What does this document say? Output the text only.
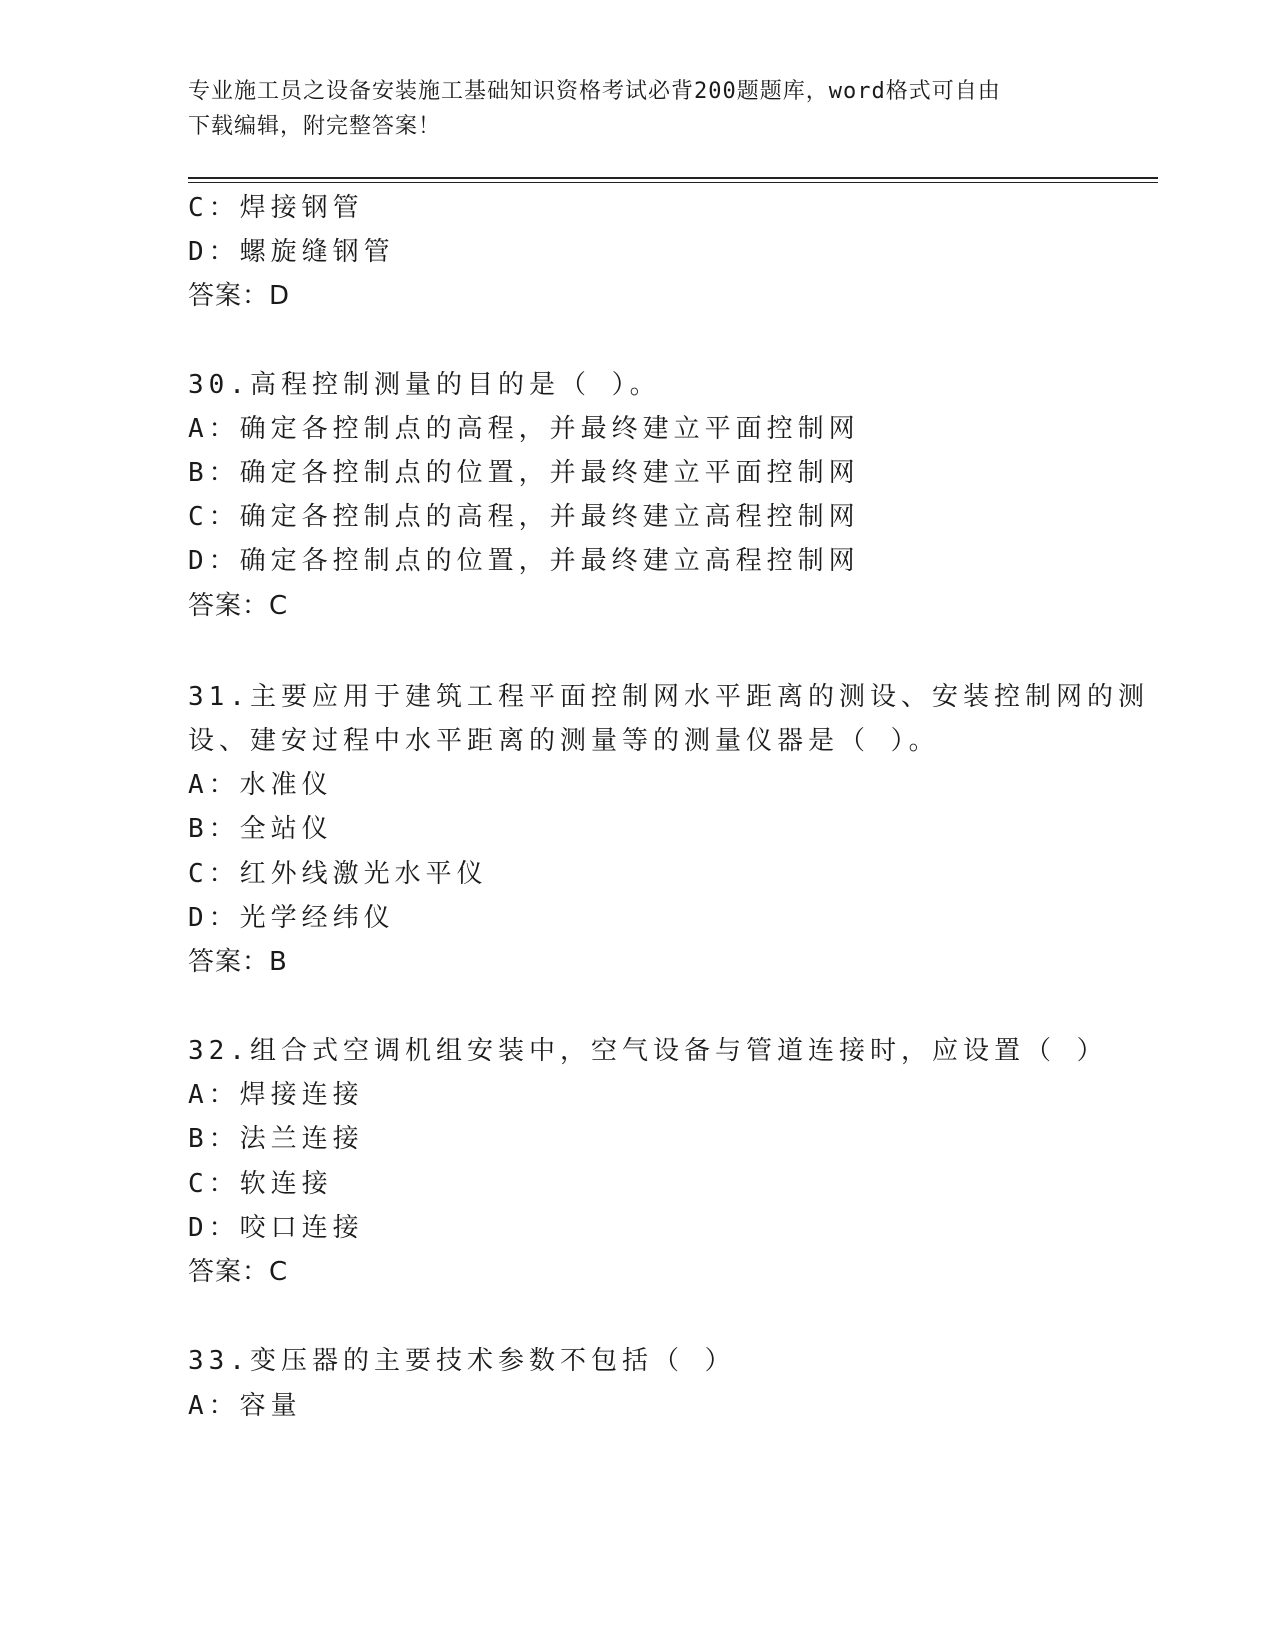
专业施工员之设备安装施工基础知识资格考试必背200题题库，word格式可自由
下载编辑，附完整答案！
C：焊接钢管
D：螺旋缝钢管
答案：D
30.高程控制测量的目的是（ ）。
A：确定各控制点的高程，并最终建立平面控制网
B：确定各控制点的位置，并最终建立平面控制网
C：确定各控制点的高程，并最终建立高程控制网
D：确定各控制点的位置，并最终建立高程控制网
答案：C
31.主要应用于建筑工程平面控制网水平距离的测设、安装控制网的测
设、建安过程中水平距离的测量等的测量仪器是（ ）。
A：水准仪
B：全站仪
C：红外线激光水平仪
D：光学经纬仪
答案：B
32.组合式空调机组安装中，空气设备与管道连接时，应设置（ ）
A：焊接连接
B：法兰连接
C：软连接
D：咬口连接
答案：C
33.变压器的主要技术参数不包括（ ）
A：容量
